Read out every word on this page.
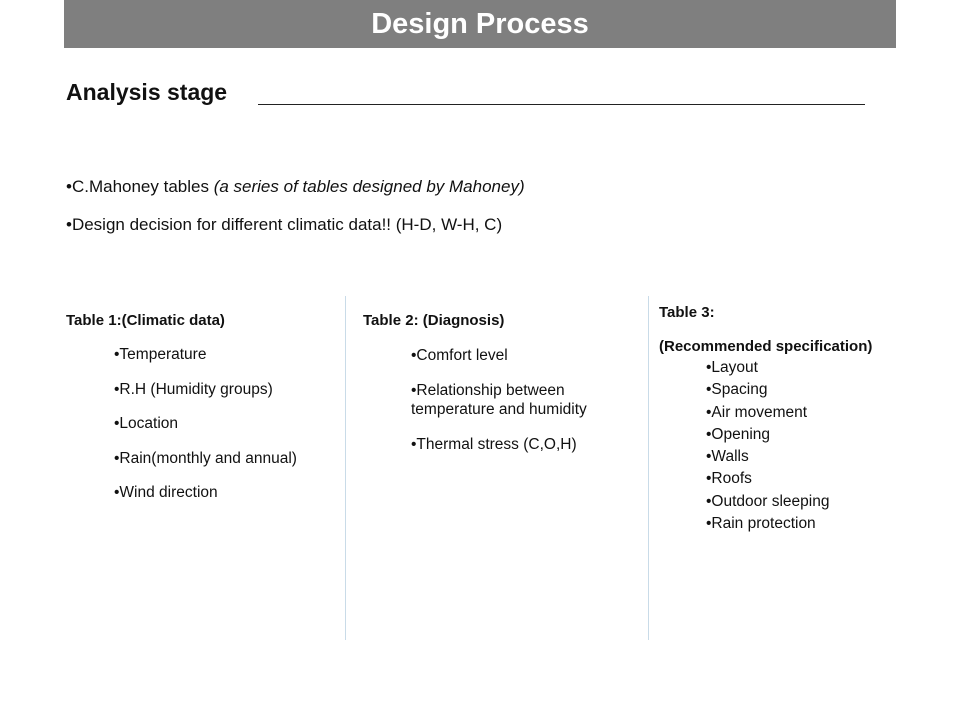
Design Process
Analysis stage
•C.Mahoney tables (a series of tables designed by Mahoney)
•Design decision for different climatic data!! (H-D, W-H, C)
Table 1:(Climatic data)
•Temperature
•R.H (Humidity groups)
•Location
•Rain(monthly and annual)
•Wind direction
Table 2: (Diagnosis)
•Comfort level
•Relationship between temperature and humidity
•Thermal stress (C,O,H)
Table 3:
(Recommended specification)
•Layout
•Spacing
•Air movement
•Opening
•Walls
•Roofs
•Outdoor sleeping
•Rain protection
